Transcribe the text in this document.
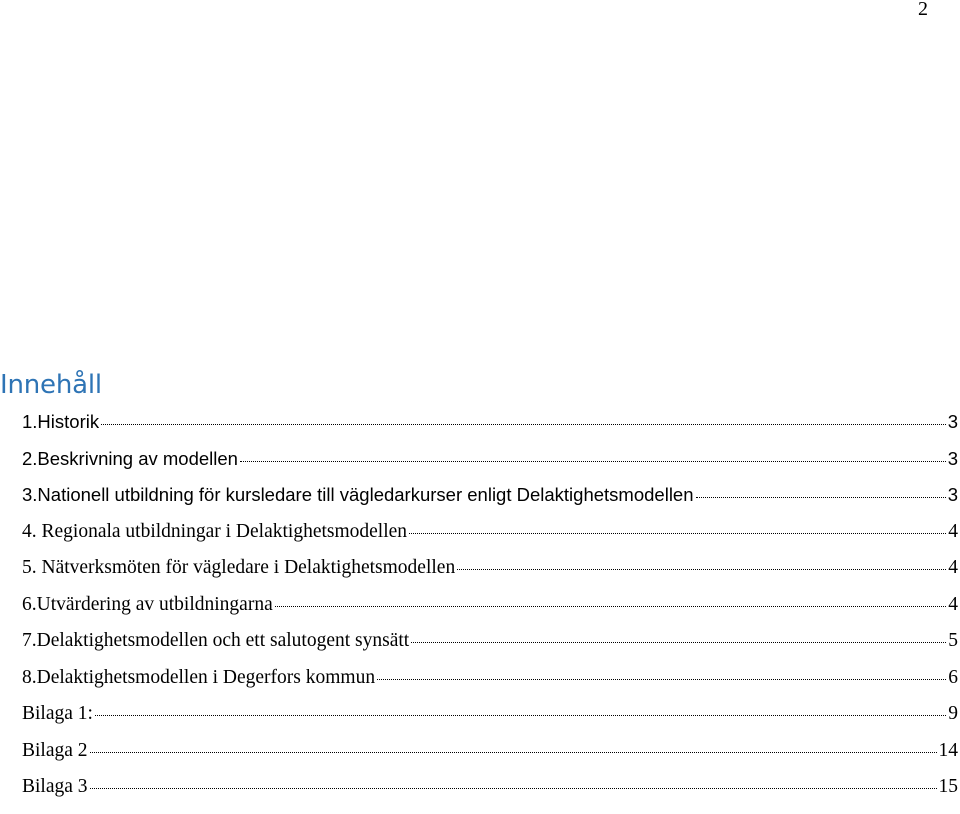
2
Innehåll
1.Historik	3
2.Beskrivning av modellen	3
3.Nationell utbildning för kursledare till vägledarkurser enligt Delaktighetsmodellen	3
4. Regionala utbildningar i Delaktighetsmodellen	4
5. Nätverksmöten för vägledare i Delaktighetsmodellen	4
6.Utvärdering av utbildningarna	4
7.Delaktighetsmodellen och ett salutogent synsätt	5
8.Delaktighetsmodellen i Degerfors kommun	6
Bilaga 1:	9
Bilaga 2	14
Bilaga 3	15
